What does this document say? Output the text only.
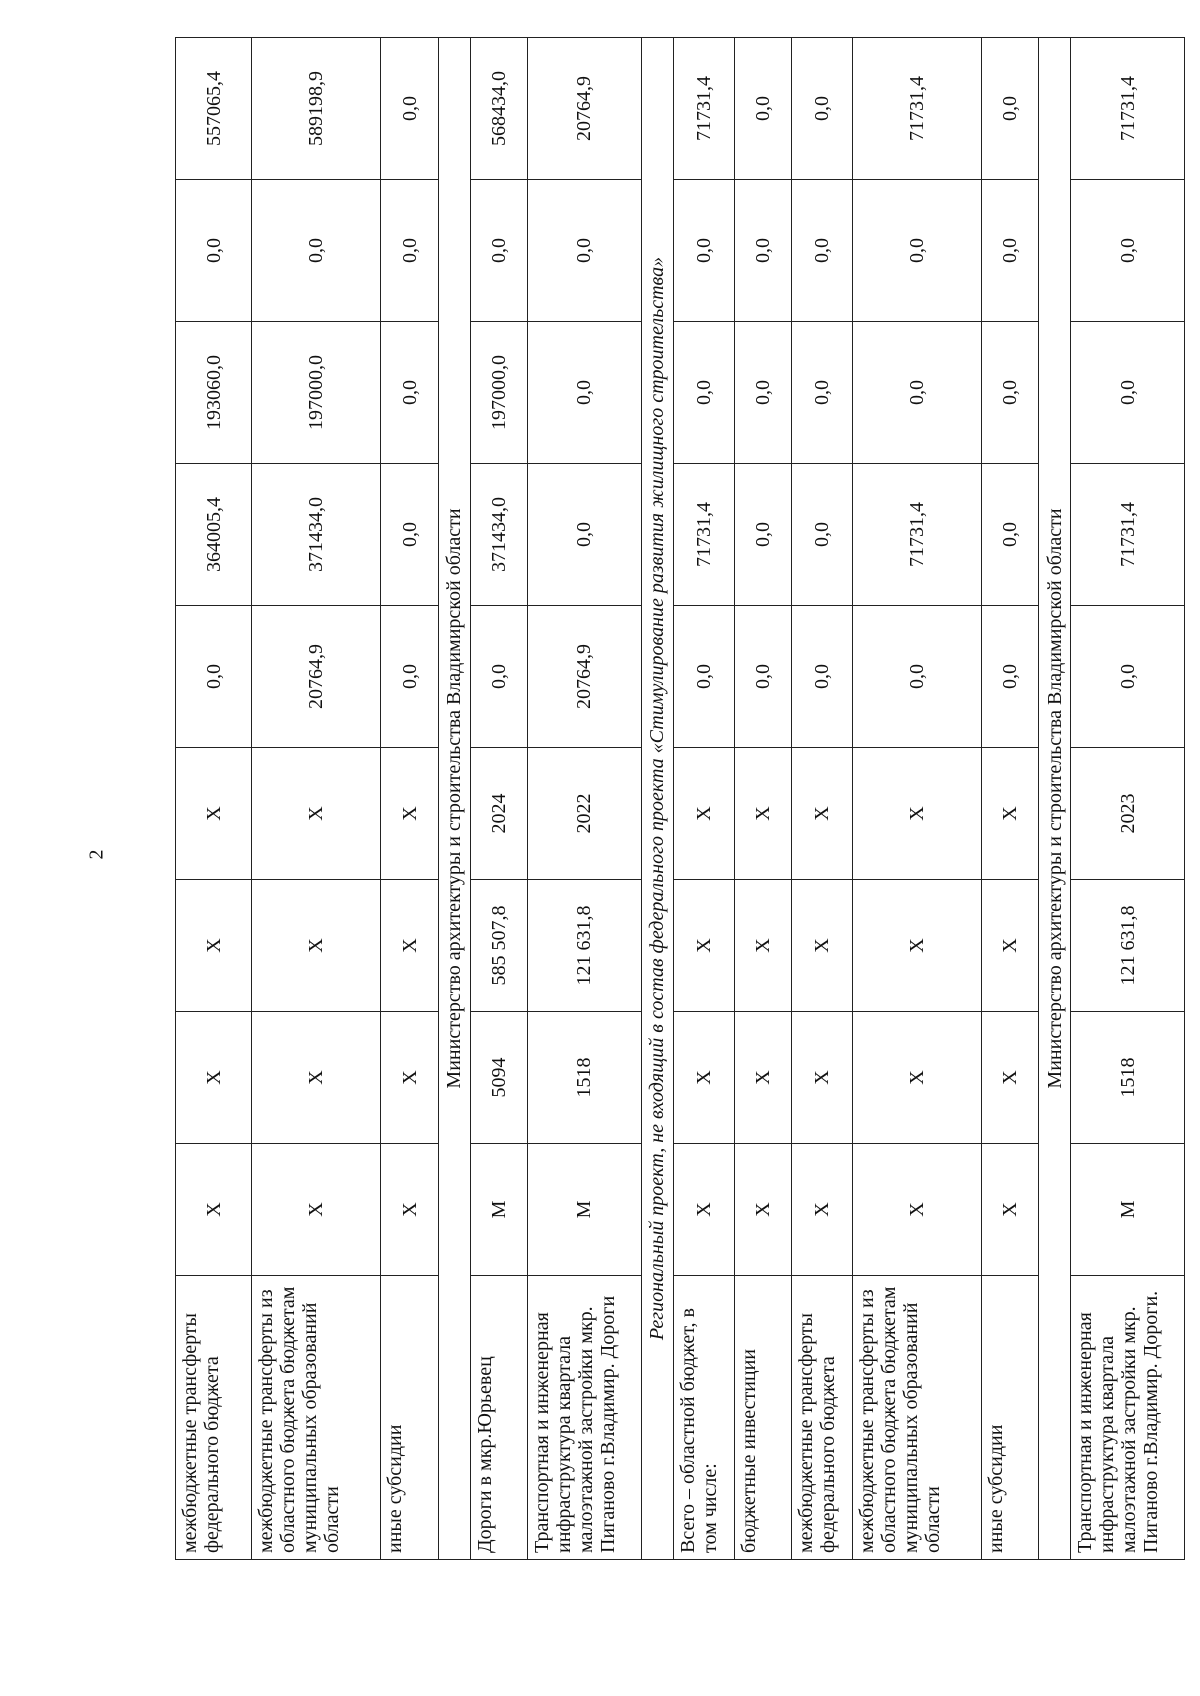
2
межбюджетные трансферты федерального бюджета	Х	Х	Х	Х	0,0	364005,4	193060,0	0,0	557065,4
межбюджетные трансферты из областного бюджета бюджетам муниципальных образований области	Х	Х	Х	Х	20764,9	371434,0	197000,0	0,0	589198,9
иные субсидии	Х	Х	Х	Х	0,0	0,0	0,0	0,0	0,0
Министерство архитектуры и строительства Владимирской области									
Дороги в мкр.Юрьевец	М	5094	585 507,8	2024	0,0	371434,0	197000,0	0,0	568434,0
Транспортная и инженерная инфраструктура квартала малоэтажной застройки мкр. Пиганово г.Владимир. Дороги	М	1518	121 631,8	2022	20764,9	0,0	0,0	0,0	20764,9
Региональный проект, не входящий в состав федерального проекта «Стимулирование развития жилищного строительства»									
Всего – областной бюджет, в том числе:	Х	Х	Х	Х	0,0	71731,4	0,0	0,0	71731,4
бюджетные инвестиции	Х	Х	Х	Х	0,0	0,0	0,0	0,0	0,0
межбюджетные трансферты федерального бюджета	Х	Х	Х	Х	0,0	0,0	0,0	0,0	0,0
межбюджетные трансферты из областного бюджета бюджетам муниципальных образований области	Х	Х	Х	Х	0,0	71731,4	0,0	0,0	71731,4
иные субсидии	Х	Х	Х	Х	0,0	0,0	0,0	0,0	0,0
Министерство архитектуры и строительства Владимирской области									
Транспортная и инженерная инфраструктура квартала малоэтажной застройки мкр. Пиганово г.Владимир. Дороги.	М	1518	121 631,8	2023	0,0	71731,4	0,0	0,0	71731,4
